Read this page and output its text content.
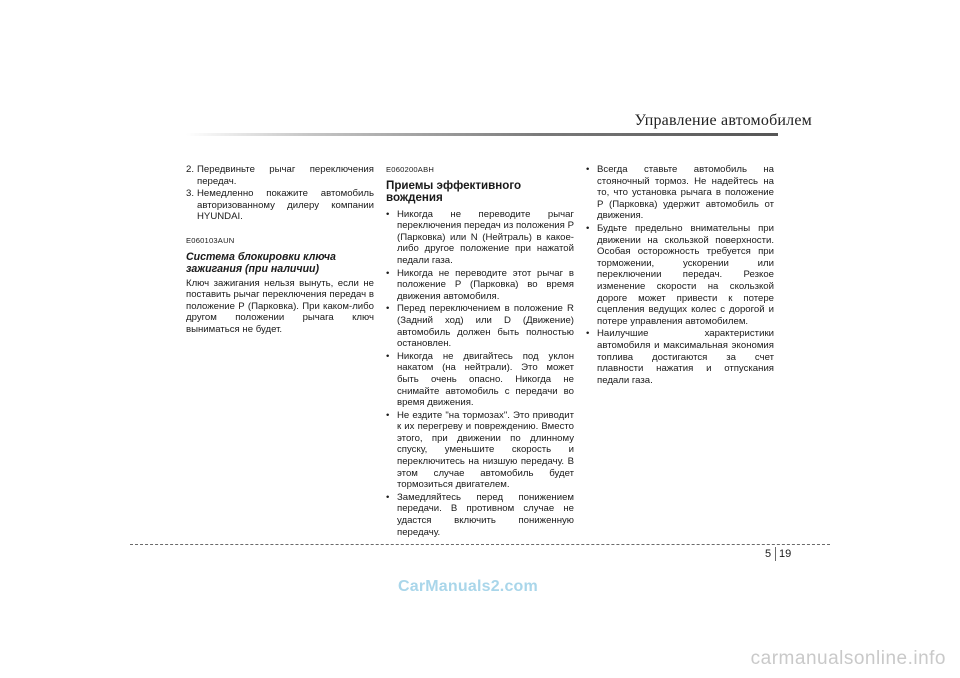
Управление автомобилем
2. Передвиньте рычаг переключения передач.
3. Немедленно покажите автомобиль авторизованному дилеру компании HYUNDAI.
E060103AUN
Система блокировки ключа зажигания (при наличии)
Ключ зажигания нельзя вынуть, если не поставить рычаг переключения передач в положение Р (Парковка). При каком-либо другом положении рычага ключ выниматься не будет.
E060200ABH
Приемы эффективного вождения
• Никогда не переводите рычаг переключения передач из положения Р (Парковка) или N (Нейтраль) в какое-либо другое положение при нажатой педали газа.
• Никогда не переводите этот рычаг в положение Р (Парковка) во время движения автомобиля.
• Перед переключением в положение R (Задний ход) или D (Движение) автомобиль должен быть полностью остановлен.
• Никогда не двигайтесь под уклон накатом (на нейтрали). Это может быть очень опасно. Никогда не снимайте автомобиль с передачи во время движения.
• Не ездите "на тормозах". Это приводит к их перегреву и повреждению. Вместо этого, при движении по длинному спуску, уменьшите скорость и переключитесь на низшую передачу. В этом случае автомобиль будет тормозиться двигателем.
• Замедляйтесь перед понижением передачи. В противном случае не удастся включить пониженную передачу.
• Всегда ставьте автомобиль на стояночный тормоз. Не надейтесь на то, что установка рычага в положение Р (Парковка) удержит автомобиль от движения.
• Будьте предельно внимательны при движении на скользкой поверхности. Особая осторожность требуется при торможении, ускорении или переключении передач. Резкое изменение скорости на скользкой дороге может привести к потере сцепления ведущих колес с дорогой и потере управления автомобилем.
• Наилучшие характеристики автомобиля и максимальная экономия топлива достигаются за счет плавности нажатия и отпускания педали газа.
5 19
CarManuals2.com
carmanualsonline.info
